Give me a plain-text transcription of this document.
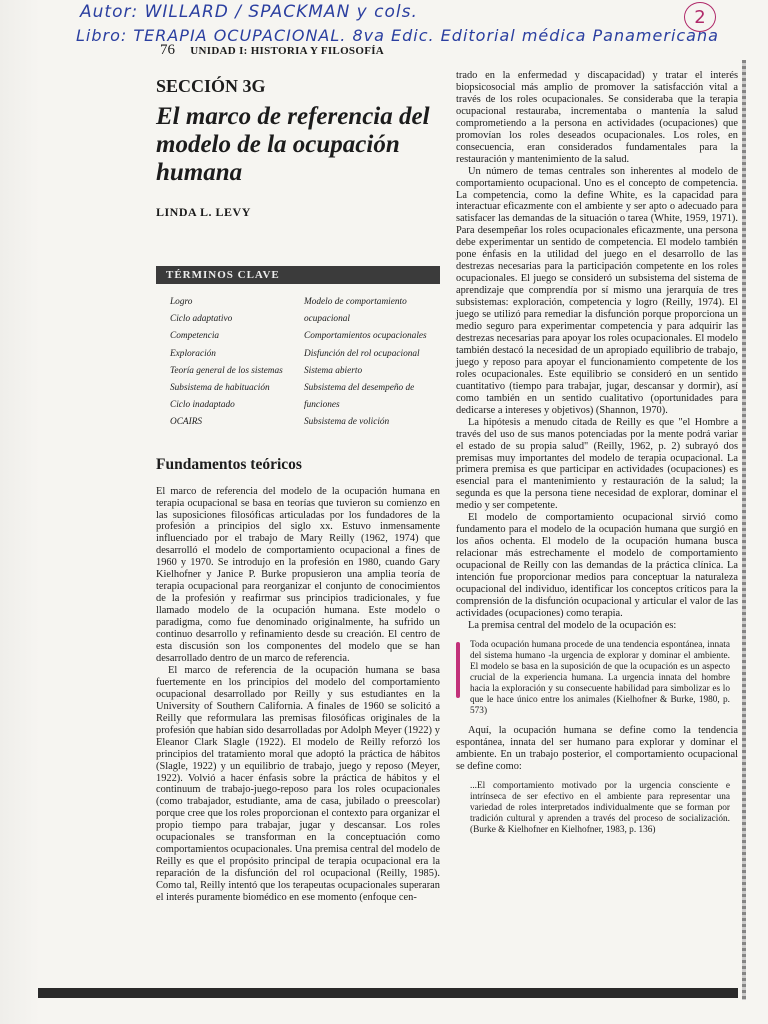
Autor: WILLARD / SPACKMAN y cols.
Libro: TERAPIA OCUPACIONAL. 8va Edic. Editorial médica Panamericana
2
76 UNIDAD I: HISTORIA Y FILOSOFÍA
SECCIÓN 3G
El marco de referencia del modelo de la ocupación humana
LINDA L. LEVY
TÉRMINOS CLAVE
Logro
Ciclo adaptativo
Competencia
Exploración
Teoría general de los sistemas
Subsistema de habituación
Ciclo inadaptado
OCAIRS
Modelo de comportamiento ocupacional
Comportamientos ocupacionales
Disfunción del rol ocupacional
Sistema abierto
Subsistema del desempeño de funciones
Subsistema de volición
Fundamentos teóricos

El marco de referencia del modelo de la ocupación humana en terapia ocupacional se basa en teorías que tuvieron su comienzo en las suposiciones filosóficas articuladas por los fundadores de la profesión a principios del siglo xx. Estuvo inmensamente influenciado por el trabajo de Mary Reilly (1962, 1974) que desarrolló el modelo de comportamiento ocupacional a fines de 1960 y 1970. Se introdujo en la profesión en 1980, cuando Gary Kielhofner y Janice P. Burke propusieron una amplia teoría de terapia ocupacional para reorganizar el conjunto de conocimientos de la profesión y reafirmar sus principios tradicionales, y fue llamado modelo de la ocupación humana. Este modelo o paradigma, como fue denominado originalmente, ha sufrido un continuo desarrollo y refinamiento desde su creación. El centro de esta discusión son los componentes del modelo que se han desarrollado dentro de un marco de referencia.

El marco de referencia de la ocupación humana se basa fuertemente en los principios del modelo del comportamiento ocupacional desarrollado por Reilly y sus estudiantes en la University of Southern California. A finales de 1960 se solicitó a Reilly que reformulara las premisas filosóficas originales de la profesión que habían sido desarrolladas por Adolph Meyer (1922) y Eleanor Clark Slagle (1922). El modelo de Reilly reforzó los principios del tratamiento moral que adoptó la práctica de hábitos (Slagle, 1922) y un equilibrio de trabajo, juego y reposo (Meyer, 1922). Volvió a hacer énfasis sobre la práctica de hábitos y el continuum de trabajo-juego-reposo para los roles ocupacionales (como trabajador, estudiante, ama de casa, jubilado o preescolar) porque cree que los roles proporcionan el contexto para organizar el propio tiempo para trabajar, jugar y descansar. Los roles ocupacionales se transforman en la conceptuación como comportamientos ocupacionales. Una premisa central del modelo de Reilly es que el propósito principal de terapia ocupacional era la reparación de la disfunción del rol ocupacional (Reilly, 1985). Como tal, Reilly intentó que los terapeutas ocupacionales superaran el interés puramente biomédico en ese momento (enfoque cen-

trado en la enfermedad y discapacidad) y tratar el interés biopsicosocial más amplio de promover la satisfacción vital a través de los roles ocupacionales. Se consideraba que la terapia ocupacional restauraba, incrementaba o mantenía la salud comprometiendo a la persona en actividades (ocupaciones) que promovían los roles deseados ocupacionales. Los roles, en consecuencia, eran considerados fundamentales para la restauración y mantenimiento de la salud.

Un número de temas centrales son inherentes al modelo de comportamiento ocupacional. Uno es el concepto de competencia. La competencia, como la define White, es la capacidad para interactuar eficazmente con el ambiente y ser apto o adecuado para satisfacer las demandas de la situación o tarea (White, 1959, 1971). Para desempeñar los roles ocupacionales eficazmente, una persona debe experimentar un sentido de competencia. El modelo también pone énfasis en la utilidad del juego en el desarrollo de las destrezas necesarias para la participación competente en los roles ocupacionales. El juego se consideró un subsistema del sistema de aprendizaje que comprendía por sí mismo una jerarquía de tres subsistemas: exploración, competencia y logro (Reilly, 1974). El juego se utilizó para remediar la disfunción porque proporciona un medio seguro para experimentar competencia y para adquirir las destrezas necesarias para apoyar los roles ocupacionales. El modelo también destacó la necesidad de un apropiado equilibrio de trabajo, juego y reposo para apoyar el funcionamiento competente de los roles ocupacionales. Este equilibrio se consideró en un sentido cuantitativo (tiempo para trabajar, jugar, descansar y dormir), así como también en un sentido cualitativo (oportunidades para dedicarse a intereses y objetivos) (Shannon, 1970).

La hipótesis a menudo citada de Reilly es que "el Hombre a través del uso de sus manos potenciadas por la mente podrá variar el estado de su propia salud" (Reilly, 1962, p. 2) subrayó dos premisas muy importantes del modelo de terapia ocupacional. La primera premisa es que participar en actividades (ocupaciones) es esencial para el mantenimiento y restauración de la salud; la segunda es que la persona tiene necesidad de explorar, dominar el medio y ser competente.

El modelo de comportamiento ocupacional sirvió como fundamento para el modelo de la ocupación humana que surgió en los años ochenta. El modelo de la ocupación humana busca relacionar más estrechamente el modelo de comportamiento ocupacional de Reilly con las demandas de la práctica clínica. La intención fue proporcionar medios para conceptuar la naturaleza ocupacional del individuo, identificar los conceptos críticos para la comprensión de la disfunción ocupacional y articular el valor de las actividades (ocupaciones) como terapia.

La premisa central del modelo de la ocupación es:

Toda ocupación humana procede de una tendencia espontánea, innata del sistema humano -la urgencia de explorar y dominar el ambiente. El modelo se basa en la suposición de que la ocupación es un aspecto crucial de la experiencia humana. La urgencia innata del hombre hacia la exploración y su consecuente habilidad para simbolizar es lo que le hace único entre los animales (Kielhofner & Burke, 1980, p. 573)

Aquí, la ocupación humana se define como la tendencia espontánea, innata del ser humano para explorar y dominar el ambiente. En un trabajo posterior, el comportamiento ocupacional se define como:

...El comportamiento motivado por la urgencia consciente e intrínseca de ser efectivo en el ambiente para representar una variedad de roles interpretados individualmente que se forman por tradición cultural y aprenden a través del proceso de socialización. (Burke & Kielhofner en Kielhofner, 1983, p. 136)
